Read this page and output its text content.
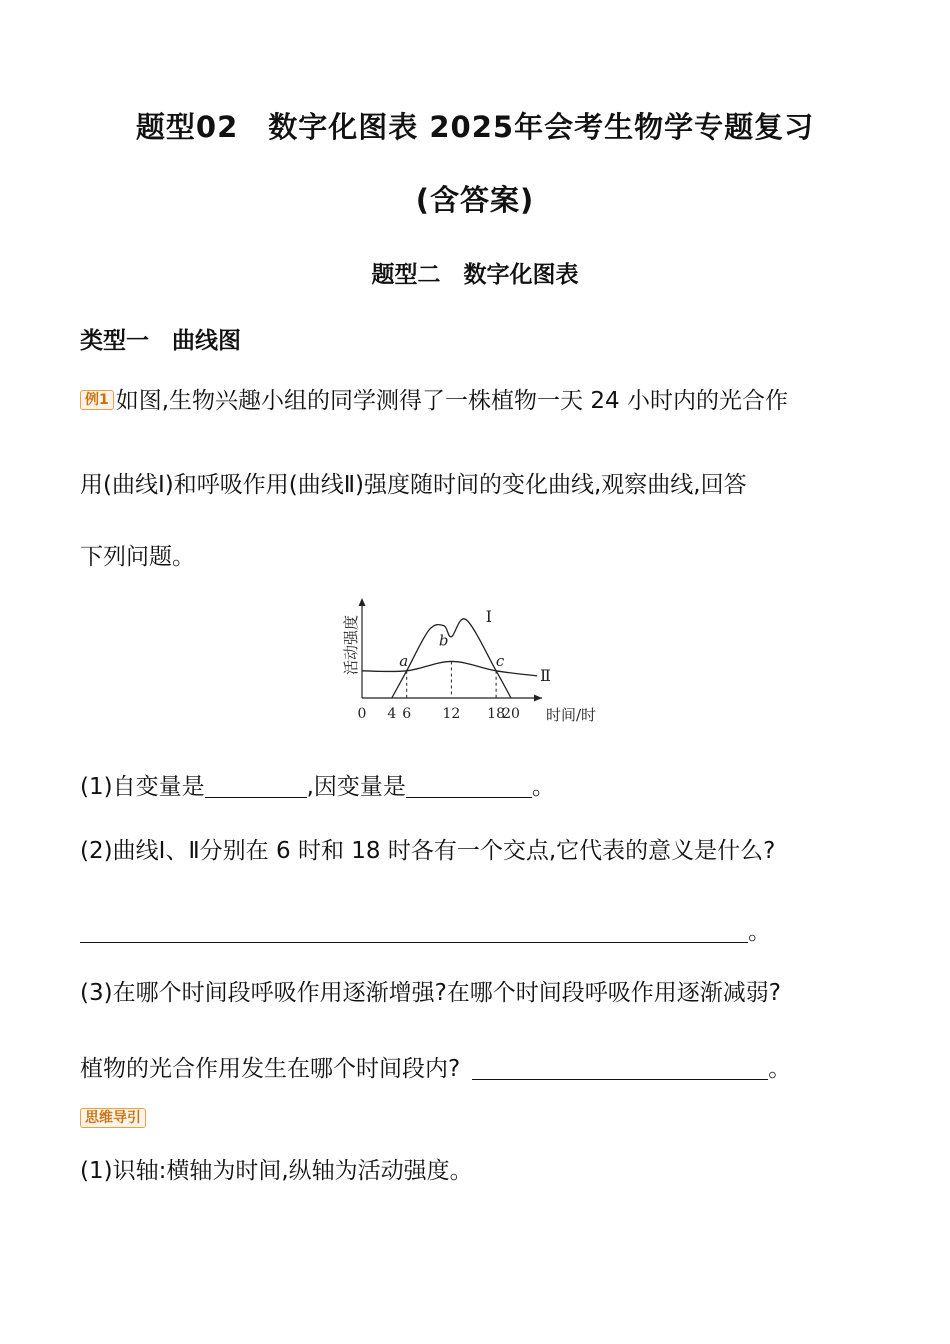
题型02　数字化图表 2025年会考生物学专题复习
(含答案)
题型二　数字化图表
类型一　曲线图
例1 如图,生物兴趣小组的同学测得了一株植物一天 24 小时内的光合作
用(曲线Ⅰ)和呼吸作用(曲线Ⅱ)强度随时间的变化曲线,观察曲线,回答
下列问题。
0 4 6 12 18
20
a
b
c
Ⅰ
Ⅱ
活动强度
时间/时
(1)自变量是	,因变量是	。
(2)曲线Ⅰ、Ⅱ分别在 6 时和 18 时各有一个交点,它代表的意义是什么?
。
(3)在哪个时间段呼吸作用逐渐增强?在哪个时间段呼吸作用逐渐减弱?
植物的光合作用发生在哪个时间段内?	。
思维导引
(1)识轴:横轴为时间,纵轴为活动强度。
